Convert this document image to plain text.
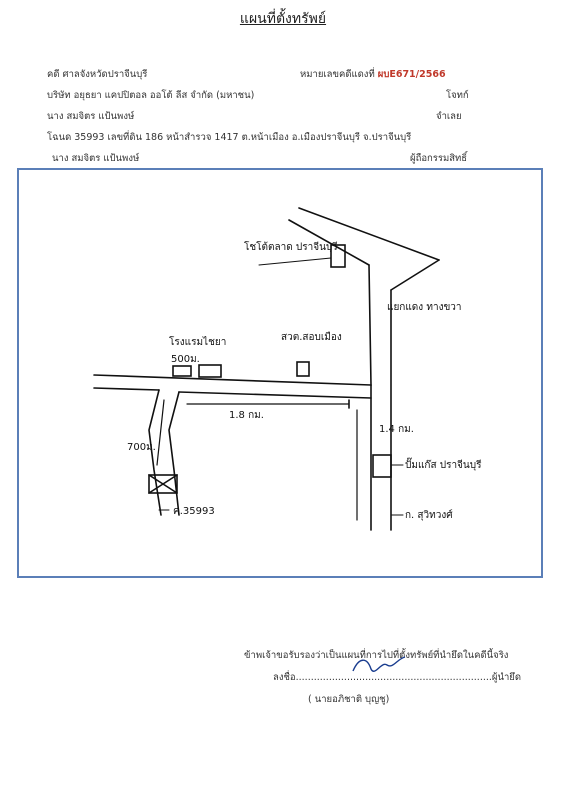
แผนที่ตั้งทรัพย์
คดี ศาลจังหวัดปราจีนบุรี	หมายเลขคดีแดงที่ ผบE671/2566
บริษัท อยุธยา แคปปิตอล ออโต้ ลีส จำกัด (มหาชน)	โจทก์
นาง สมจิตร แป้นพงษ์	จำเลย
โฉนด 35993 เลขที่ดิน 186 หน้าสำรวจ 1417 ต.หน้าเมือง อ.เมืองปราจีนบุรี จ.ปราจีนบุรี
นาง สมจิตร แป้นพงษ์	ผู้ถือกรรมสิทธิ์
โชโต้ตลาด ปราจีนบุรี
แยกแดง ทางขวา
โรงแรมไชยา	สวต.สอบเมือง
1.8 กม.
1.4 กม.
700ม.
ค.35993
ปั๊มแก๊ส ปราจีนบุรี
ก. สุวิทวงศ์
500ม.
ข้าพเจ้าขอรับรองว่าเป็นแผนที่การไปที่ตั้งทรัพย์ที่นำยึดในคดีนี้จริง
ลงชื่อ.................................................................ผู้นำยึด
( นายอภิชาติ บุญชู)
